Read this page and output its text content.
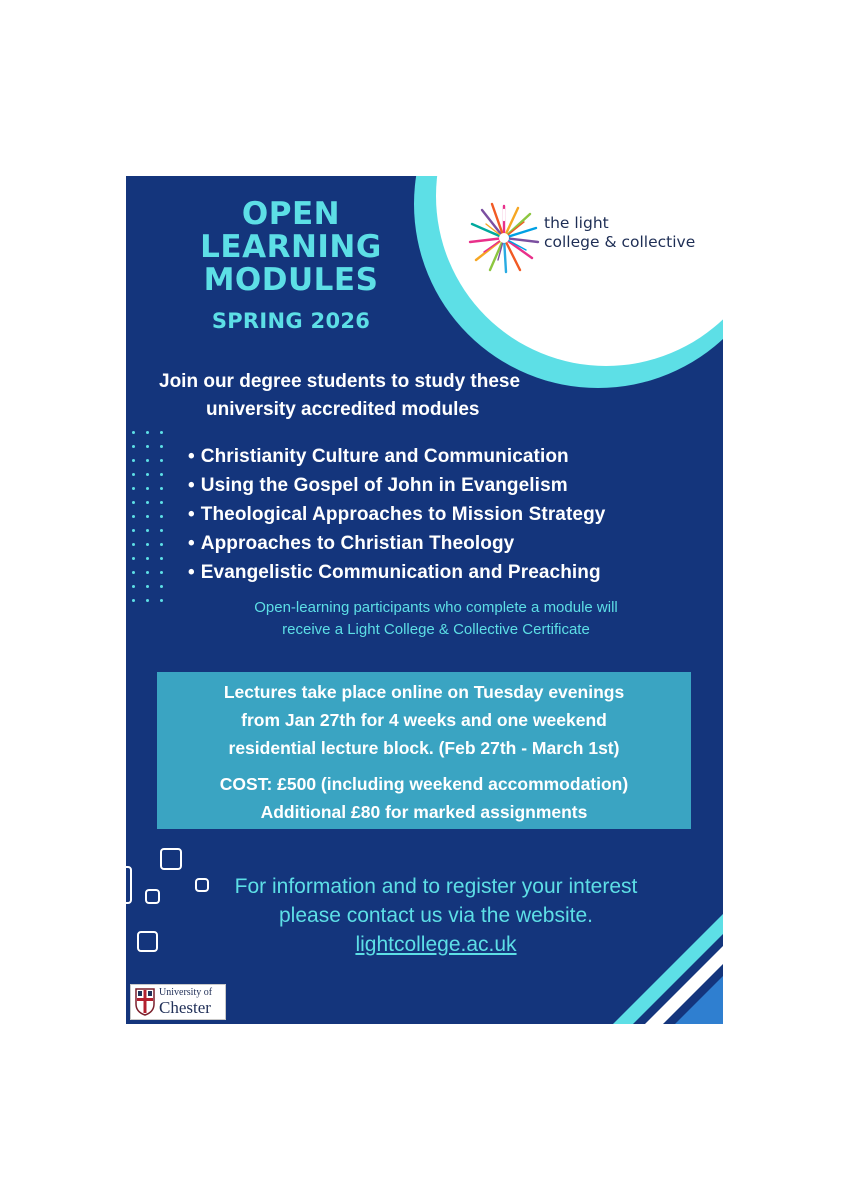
the light
college & collective
OPEN
LEARNING
MODULES
SPRING 2026
Join our degree students to study these
university accredited modules
• Christianity Culture and Communication
• Using the Gospel of John in Evangelism
• Theological Approaches to Mission Strategy
• Approaches to Christian Theology
• Evangelistic Communication and Preaching
Open-learning participants who complete a module will
receive a Light College & Collective Certificate
Lectures take place online on Tuesday evenings
from Jan 27th for 4 weeks and one weekend
residential lecture block. (Feb 27th - March 1st)
COST: £500 (including weekend accommodation)
Additional £80 for marked assignments
For information and to register your interest
please contact us via the website.
lightcollege.ac.uk
University of
Chester
